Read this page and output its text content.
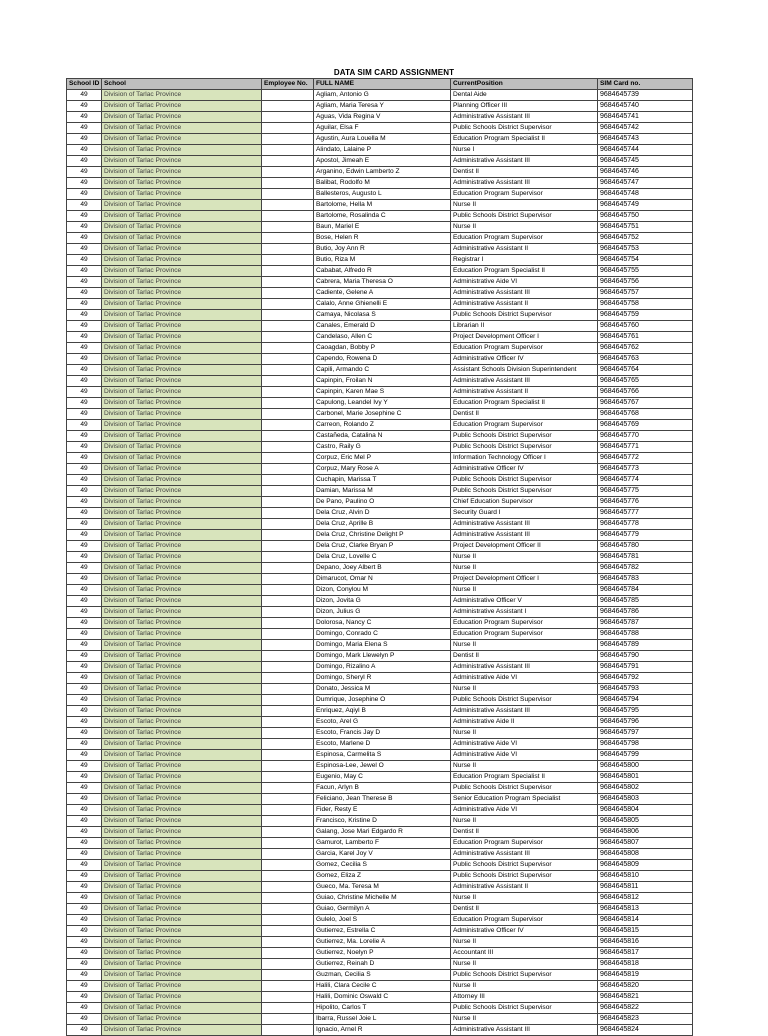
DATA SIM CARD ASSIGNMENT
School ID	School	Employee No.	FULL NAME	CurrentPosition	SIM Card no.
49	Division of Tarlac Province		Agliam, Antonio G	Dental Aide	9684645739
49	Division of Tarlac Province		Agliam, Maria Teresa Y	Planning Officer III	9684645740
49	Division of Tarlac Province		Aguas, Vida Regina V	Administrative Assistant III	9684645741
49	Division of Tarlac Province		Aguilar, Elsa F	Public Schools District Supervisor	9684645742
49	Division of Tarlac Province		Agustin, Aura Louella M	Education Program Specialist II	9684645743
49	Division of Tarlac Province		Alindato, Lalaine P	Nurse I	9684645744
49	Division of Tarlac Province		Apostol, Jimeah E	Administrative Assistant III	9684645745
49	Division of Tarlac Province		Arganino, Edwin Lamberto Z	Dentist II	9684645746
49	Division of Tarlac Province		Balibat, Rodolfo M	Administrative Assistant III	9684645747
49	Division of Tarlac Province		Ballesteros, Augusto L	Education Program Supervisor	9684645748
49	Division of Tarlac Province		Bartolome, Hella M	Nurse II	9684645749
49	Division of Tarlac Province		Bartolome, Rosalinda C	Public Schools District Supervisor	9684645750
49	Division of Tarlac Province		Baun, Mariel E	Nurse II	9684645751
49	Division of Tarlac Province		Bose, Helen R	Education Program Supervisor	9684645752
49	Division of Tarlac Province		Butio, Joy Ann R	Administrative Assistant II	9684645753
49	Division of Tarlac Province		Butio, Riza M	Registrar I	9684645754
49	Division of Tarlac Province		Cababat, Alfredo R	Education Program Specialist II	9684645755
49	Division of Tarlac Province		Cabrera, Maria Theresa O	Administrative Aide VI	9684645756
49	Division of Tarlac Province		Cadiente, Gelene A	Administrative Assistant III	9684645757
49	Division of Tarlac Province		Calalo, Anne Ghienelli E	Administrative Assistant II	9684645758
49	Division of Tarlac Province		Camaya, Nicolasa S	Public Schools District Supervisor	9684645759
49	Division of Tarlac Province		Canales, Emerald D	Librarian II	9684645760
49	Division of Tarlac Province		Candelaso, Allen C	Project Development Officer I	9684645761
49	Division of Tarlac Province		Caoagdan, Bobby P	Education Program Supervisor	9684645762
49	Division of Tarlac Province		Capendo, Rowena D	Administrative Officer IV	9684645763
49	Division of Tarlac Province		Capili, Armando C	Assistant Schools Division Superintendent	9684645764
49	Division of Tarlac Province		Capinpin, Froilan N	Administrative Assistant III	9684645765
49	Division of Tarlac Province		Capinpin, Karen Mae S	Administrative Assistant II	9684645766
49	Division of Tarlac Province		Capulong, Leandel Ivy Y	Education Program Specialist II	9684645767
49	Division of Tarlac Province		Carbonel, Marie Josephine C	Dentist II	9684645768
49	Division of Tarlac Province		Carreon, Rolando Z	Education Program Supervisor	9684645769
49	Division of Tarlac Province		Castañeda, Catalina N	Public Schools District Supervisor	9684645770
49	Division of Tarlac Province		Castro, Raily G	Public Schools District Supervisor	9684645771
49	Division of Tarlac Province		Corpuz, Eric Mel P	Information Technology Officer I	9684645772
49	Division of Tarlac Province		Corpuz, Mary Rose A	Administrative Officer IV	9684645773
49	Division of Tarlac Province		Cuchapin, Marissa T	Public Schools District Supervisor	9684645774
49	Division of Tarlac Province		Damian, Marissa M	Public Schools District Supervisor	9684645775
49	Division of Tarlac Province		De Pano, Paulino O	Chief Education Supervisor	9684645776
49	Division of Tarlac Province		Dela Cruz, Alvin D	Security Guard I	9684645777
49	Division of Tarlac Province		Dela Cruz, Aprille B	Administrative Assistant III	9684645778
49	Division of Tarlac Province		Dela Cruz, Christine Delight P	Administrative Assistant III	9684645779
49	Division of Tarlac Province		Dela Cruz, Clarke Bryan P	Project Development Officer II	9684645780
49	Division of Tarlac Province		Dela Cruz, Lovelle C	Nurse II	9684645781
49	Division of Tarlac Province		Depano, Joey Albert B	Nurse II	9684645782
49	Division of Tarlac Province		Dimarucot, Omar N	Project Development Officer I	9684645783
49	Division of Tarlac Province		Dizon, Conylou M	Nurse II	9684645784
49	Division of Tarlac Province		Dizon, Jovita G	Administrative Officer V	9684645785
49	Division of Tarlac Province		Dizon, Julius G	Administrative Assistant I	9684645786
49	Division of Tarlac Province		Dolorosa, Nancy C	Education Program Supervisor	9684645787
49	Division of Tarlac Province		Domingo, Conrado C	Education Program Supervisor	9684645788
49	Division of Tarlac Province		Domingo, Maria Elena S	Nurse II	9684645789
49	Division of Tarlac Province		Domingo, Mark Llewelyn P	Dentist II	9684645790
49	Division of Tarlac Province		Domingo, Rizalino A	Administrative Assistant III	9684645791
49	Division of Tarlac Province		Domingo, Sheryl R	Administrative Aide VI	9684645792
49	Division of Tarlac Province		Donato, Jessica M	Nurse II	9684645793
49	Division of Tarlac Province		Dumrique, Josephine O	Public Schools District Supervisor	9684645794
49	Division of Tarlac Province		Enriquez, Aqiyl B	Administrative Assistant III	9684645795
49	Division of Tarlac Province		Escoto, Arel G	Administrative Aide II	9684645796
49	Division of Tarlac Province		Escoto, Francis Jay D	Nurse II	9684645797
49	Division of Tarlac Province		Escoto, Marlene D	Administrative Aide VI	9684645798
49	Division of Tarlac Province		Espinosa, Carmelita S	Administrative Aide VI	9684645799
49	Division of Tarlac Province		Espinosa-Lee, Jewel O	Nurse II	9684645800
49	Division of Tarlac Province		Eugenio, May C	Education Program Specialist II	9684645801
49	Division of Tarlac Province		Facun, Arlyn B	Public Schools District Supervisor	9684645802
49	Division of Tarlac Province		Feliciano, Jean Therese B	Senior Education Program Specialist	9684645803
49	Division of Tarlac Province		Fider, Resty E	Administrative Aide VI	9684645804
49	Division of Tarlac Province		Francisco, Kristine D	Nurse II	9684645805
49	Division of Tarlac Province		Galang, Jose Mari Edgardo R	Dentist II	9684645806
49	Division of Tarlac Province		Gamurot, Lamberto F	Education Program Supervisor	9684645807
49	Division of Tarlac Province		Garcia, Karel Joy V	Administrative Assistant III	9684645808
49	Division of Tarlac Province		Gomez, Cecilia S	Public Schools District Supervisor	9684645809
49	Division of Tarlac Province		Gomez, Eliza Z	Public Schools District Supervisor	9684645810
49	Division of Tarlac Province		Gueco, Ma. Teresa M	Administrative Assistant II	9684645811
49	Division of Tarlac Province		Guiao, Christine Michelle M	Nurse II	9684645812
49	Division of Tarlac Province		Guiao, Germilyn A	Dentist II	9684645813
49	Division of Tarlac Province		Gulelo, Joel S	Education Program Supervisor	9684645814
49	Division of Tarlac Province		Gutierrez, Estrella C	Administrative Officer IV	9684645815
49	Division of Tarlac Province		Gutierrez, Ma. Lorelie A	Nurse II	9684645816
49	Division of Tarlac Province		Gutierrez, Noelyn P	Accountant III	9684645817
49	Division of Tarlac Province		Gutierrez, Reinah D	Nurse II	9684645818
49	Division of Tarlac Province		Guzman, Cecilia S	Public Schools District Supervisor	9684645819
49	Division of Tarlac Province		Halili, Clara Cecile C	Nurse II	9684645820
49	Division of Tarlac Province		Halili, Dominic Oswald C	Attorney III	9684645821
49	Division of Tarlac Province		Hipolito, Carlos T	Public Schools District Supervisor	9684645822
49	Division of Tarlac Province		Ibarra, Russel Joie L	Nurse II	9684645823
49	Division of Tarlac Province		Ignacio, Arnel R	Administrative Assistant III	9684645824
